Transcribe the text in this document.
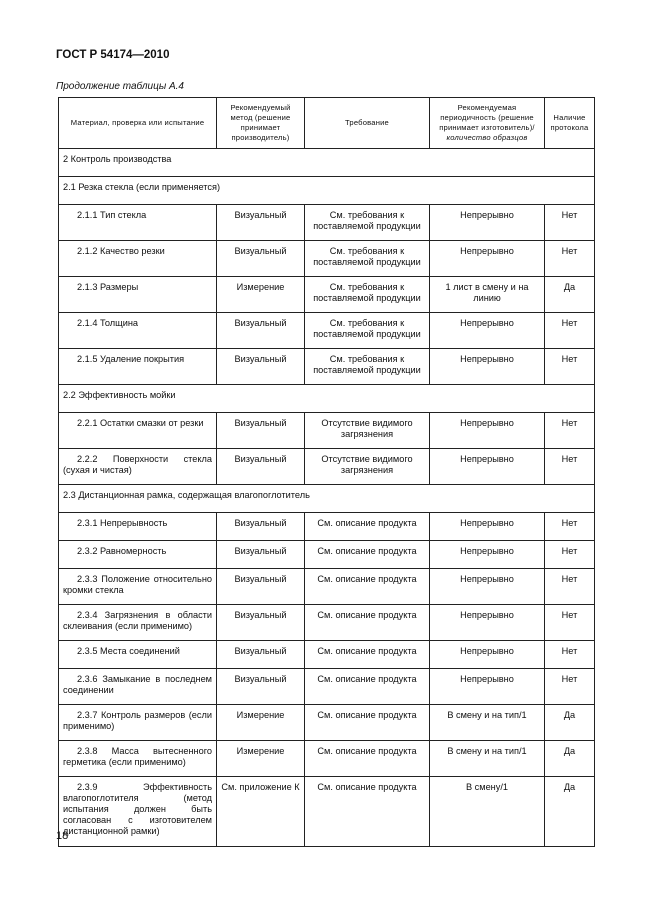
ГОСТ Р 54174—2010
Продолжение таблицы А.4
Материал, проверка или испытание	Рекомендуемый метод (решение принимает производитель)	Требование	Рекомендуемая периодичность (решение принимает изготовитель)/количество образцов	Наличие протокола
2 Контроль производства				
2.1 Резка стекла (если применяется)				
2.1.1 Тип стекла	Визуальный	См. требования к поставляемой продукции	Непрерывно	Нет
2.1.2 Качество резки	Визуальный	См. требования к поставляемой продукции	Непрерывно	Нет
2.1.3 Размеры	Измерение	См. требования к поставляемой продукции	1 лист в смену и на линию	Да
2.1.4 Толщина	Визуальный	См. требования к поставляемой продукции	Непрерывно	Нет
2.1.5 Удаление покрытия	Визуальный	См. требования к поставляемой продукции	Непрерывно	Нет
2.2 Эффективность мойки				
2.2.1 Остатки смазки от резки	Визуальный	Отсутствие видимого загрязнения	Непрерывно	Нет
2.2.2 Поверхности стекла (сухая и чистая)	Визуальный	Отсутствие видимого загрязнения	Непрерывно	Нет
2.3 Дистанционная рамка, содержащая влагопоглотитель				
2.3.1 Непрерывность	Визуальный	См. описание продукта	Непрерывно	Нет
2.3.2 Равномерность	Визуальный	См. описание продукта	Непрерывно	Нет
2.3.3 Положение относительно кромки стекла	Визуальный	См. описание продукта	Непрерывно	Нет
2.3.4 Загрязнения в области склеивания (если применимо)	Визуальный	См. описание продукта	Непрерывно	Нет
2.3.5 Места соединений	Визуальный	См. описание продукта	Непрерывно	Нет
2.3.6 Замыкание в последнем соединении	Визуальный	См. описание продукта	Непрерывно	Нет
2.3.7 Контроль размеров (если применимо)	Измерение	См. описание продукта	В смену и на тип/1	Да
2.3.8 Масса вытесненного герметика (если применимо)	Измерение	См. описание продукта	В смену и на тип/1	Да
2.3.9 Эффективность влагопоглотителя (метод испытания должен быть согласован с изготовителем дистанционной рамки)	См. приложение К	См. описание продукта	В смену/1	Да
18
